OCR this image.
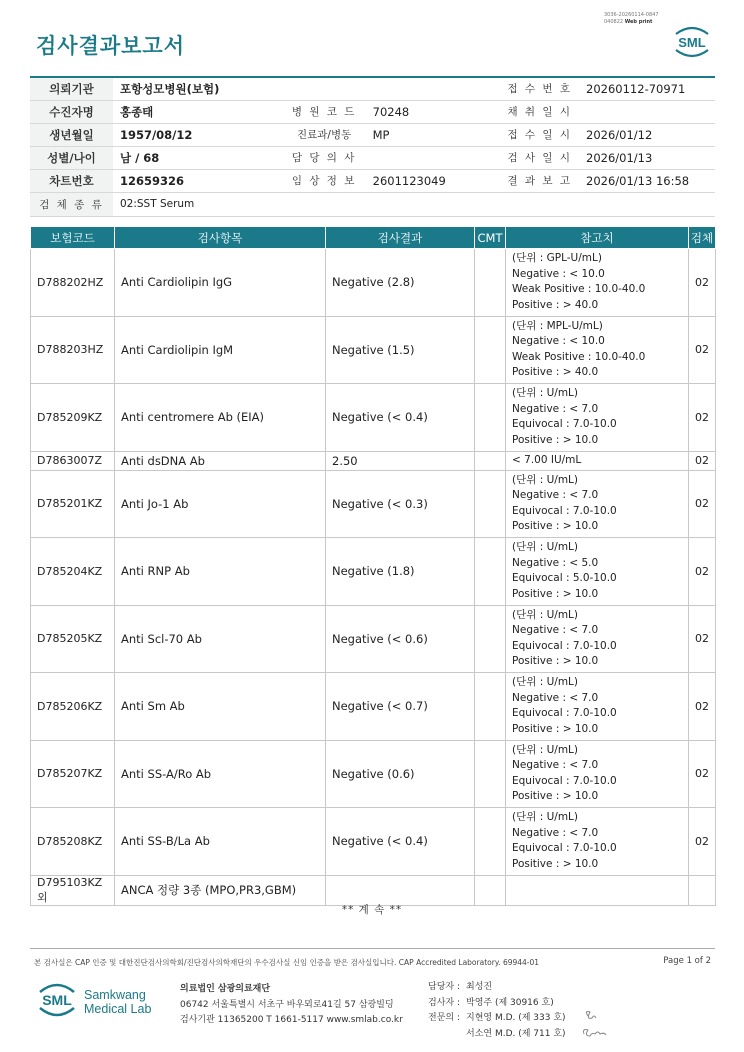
3036-20260114-0847
040822 Web print
검사결과보고서	SML
의뢰기관	포항성모병원(보험)			접 수 번 호	20260112-70971
수진자명	홍종태	병 원 코 드	70248	채 취 일 시	
생년월일	1957/08/12	진료과/병동	MP	접 수 일 시	2026/01/12
성별/나이	남 / 68	담 당 의 사		검 사 일 시	2026/01/13
차트번호	12659326	임 상 정 보	2601123049	결 과 보 고	2026/01/13 16:58
검 체 종 류	02:SST Serum				
보험코드	검사항목	검사결과	CMT	참고치	검체
D788202HZ	Anti Cardiolipin IgG	Negative (2.8)		(단위 : GPL-U/mL)
Negative : < 10.0
Weak Positive : 10.0-40.0
Positive : > 40.0	02
D788203HZ	Anti Cardiolipin IgM	Negative (1.5)		(단위 : MPL-U/mL)
Negative : < 10.0
Weak Positive : 10.0-40.0
Positive : > 40.0	02
D785209KZ	Anti centromere Ab (EIA)	Negative (< 0.4)		(단위 : U/mL)
Negative : < 7.0
Equivocal : 7.0-10.0
Positive : > 10.0	02
D7863007Z	Anti dsDNA Ab	2.50		< 7.00 IU/mL	02
D785201KZ	Anti Jo-1 Ab	Negative (< 0.3)		(단위 : U/mL)
Negative : < 7.0
Equivocal : 7.0-10.0
Positive : > 10.0	02
D785204KZ	Anti RNP Ab	Negative (1.8)		(단위 : U/mL)
Negative : < 5.0
Equivocal : 5.0-10.0
Positive : > 10.0	02
D785205KZ	Anti Scl-70 Ab	Negative (< 0.6)		(단위 : U/mL)
Negative : < 7.0
Equivocal : 7.0-10.0
Positive : > 10.0	02
D785206KZ	Anti Sm Ab	Negative (< 0.7)		(단위 : U/mL)
Negative : < 7.0
Equivocal : 7.0-10.0
Positive : > 10.0	02
D785207KZ	Anti SS-A/Ro Ab	Negative (0.6)		(단위 : U/mL)
Negative : < 7.0
Equivocal : 7.0-10.0
Positive : > 10.0	02
D785208KZ	Anti SS-B/La Ab	Negative (< 0.4)		(단위 : U/mL)
Negative : < 7.0
Equivocal : 7.0-10.0
Positive : > 10.0	02
D795103KZ외	ANCA 정량 3종 (MPO,PR3,GBM)				
** 계 속 **
본 검사실은 CAP 인증 및 대한진단검사의학회/진단검사의학재단의 우수검사실 신임 인증을 받은 검사실입니다. CAP Accredited Laboratory. 69944-01	Page 1 of 2
SML Samkwang
Medical Lab
의료법인 삼광의료재단
06742 서울특별시 서초구 바우뫼로41길 57 삼광빌딩
검사기관 11365200 T 1661-5117 www.smlab.co.kr
담당자 : 최성진
검사자 : 박영주 (제 30916 호)
전문의 : 지현영 M.D. (제 333 호)
서소연 M.D. (제 711 호)
